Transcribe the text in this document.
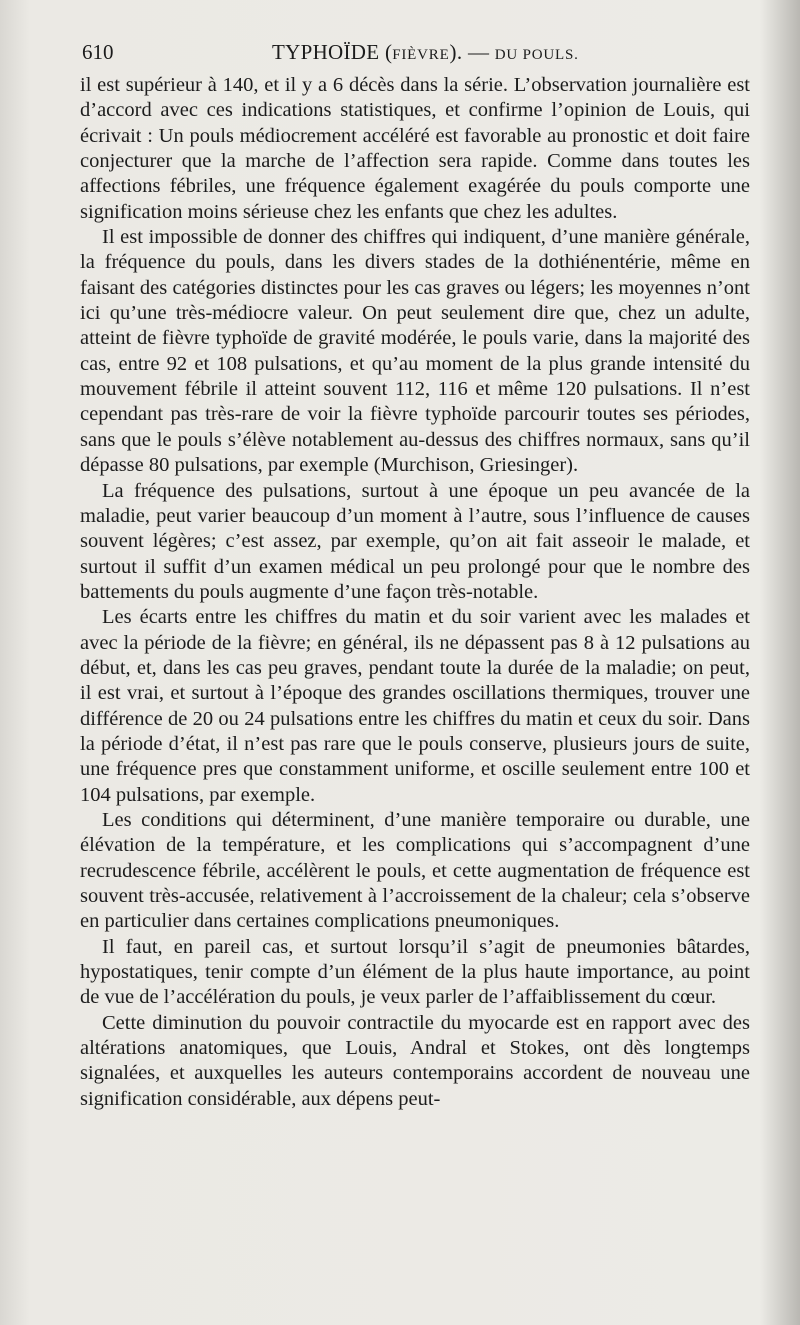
610	TYPHOÏDE (FIÈVRE). — DU POULS.

il est supérieur à 140, et il y a 6 décès dans la série. L’observation journalière est d’accord avec ces indications statistiques, et confirme l’opinion de Louis, qui écrivait : Un pouls médiocrement accéléré est favorable au pronostic et doit faire conjecturer que la marche de l’affection sera rapide. Comme dans toutes les affections fébriles, une fréquence également exagérée du pouls comporte une signification moins sérieuse chez les enfants que chez les adultes.

Il est impossible de donner des chiffres qui indiquent, d’une manière générale, la fréquence du pouls, dans les divers stades de la dothiénentérie, même en faisant des catégories distinctes pour les cas graves ou légers; les moyennes n’ont ici qu’une très-médiocre valeur. On peut seulement dire que, chez un adulte, atteint de fièvre typhoïde de gravité modérée, le pouls varie, dans la majorité des cas, entre 92 et 108 pulsations, et qu’au moment de la plus grande intensité du mouvement fébrile il atteint souvent 112, 116 et même 120 pulsations. Il n’est cependant pas très-rare de voir la fièvre typhoïde parcourir toutes ses périodes, sans que le pouls s’élève notablement au-dessus des chiffres normaux, sans qu’il dépasse 80 pulsations, par exemple (Murchison, Griesinger).

La fréquence des pulsations, surtout à une époque un peu avancée de la maladie, peut varier beaucoup d’un moment à l’autre, sous l’influence de causes souvent légères; c’est assez, par exemple, qu’on ait fait asseoir le malade, et surtout il suffit d’un examen médical un peu prolongé pour que le nombre des battements du pouls augmente d’une façon très-notable.

Les écarts entre les chiffres du matin et du soir varient avec les malades et avec la période de la fièvre; en général, ils ne dépassent pas 8 à 12 pulsations au début, et, dans les cas peu graves, pendant toute la durée de la maladie; on peut, il est vrai, et surtout à l’époque des grandes oscillations thermiques, trouver une différence de 20 ou 24 pulsations entre les chiffres du matin et ceux du soir. Dans la période d’état, il n’est pas rare que le pouls conserve, plusieurs jours de suite, une fréquence pres que constamment uniforme, et oscille seulement entre 100 et 104 pulsations, par exemple.

Les conditions qui déterminent, d’une manière temporaire ou durable, une élévation de la température, et les complications qui s’accompagnent d’une recrudescence fébrile, accélèrent le pouls, et cette augmentation de fréquence est souvent très-accusée, relativement à l’accroissement de la chaleur; cela s’observe en particulier dans certaines complications pneumoniques.

Il faut, en pareil cas, et surtout lorsqu’il s’agit de pneumonies bâtardes, hypostatiques, tenir compte d’un élément de la plus haute importance, au point de vue de l’accélération du pouls, je veux parler de l’affaiblissement du cœur.

Cette diminution du pouvoir contractile du myocarde est en rapport avec des altérations anatomiques, que Louis, Andral et Stokes, ont dès longtemps signalées, et auxquelles les auteurs contemporains accordent de nouveau une signification considérable, aux dépens peut-
